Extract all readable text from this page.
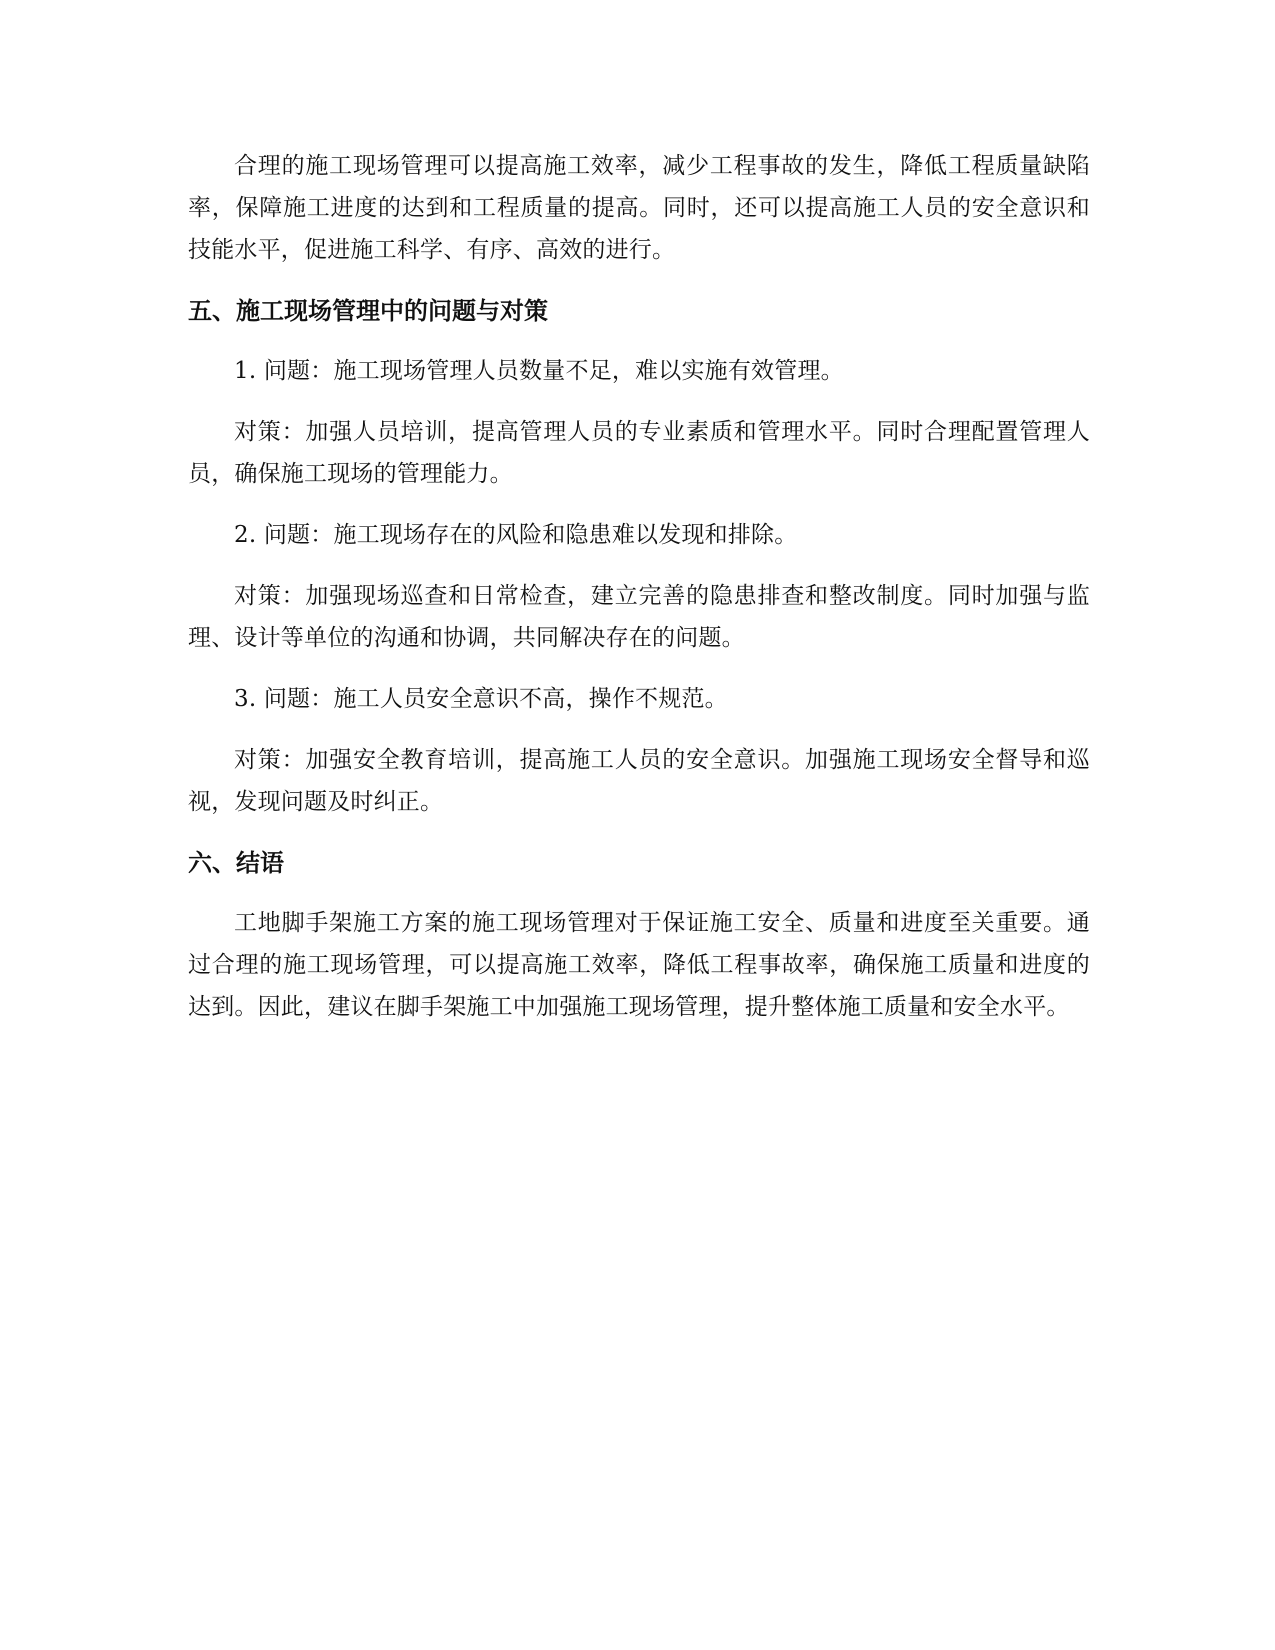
合理的施工现场管理可以提高施工效率，减少工程事故的发生，降低工程质量缺陷率，保障施工进度的达到和工程质量的提高。同时，还可以提高施工人员的安全意识和技能水平，促进施工科学、有序、高效的进行。

五、施工现场管理中的问题与对策

1. 问题：施工现场管理人员数量不足，难以实施有效管理。

对策：加强人员培训，提高管理人员的专业素质和管理水平。同时合理配置管理人员，确保施工现场的管理能力。

2. 问题：施工现场存在的风险和隐患难以发现和排除。

对策：加强现场巡查和日常检查，建立完善的隐患排查和整改制度。同时加强与监理、设计等单位的沟通和协调，共同解决存在的问题。

3. 问题：施工人员安全意识不高，操作不规范。

对策：加强安全教育培训，提高施工人员的安全意识。加强施工现场安全督导和巡视，发现问题及时纠正。

六、结语

工地脚手架施工方案的施工现场管理对于保证施工安全、质量和进度至关重要。通过合理的施工现场管理，可以提高施工效率，降低工程事故率，确保施工质量和进度的达到。因此，建议在脚手架施工中加强施工现场管理，提升整体施工质量和安全水平。
